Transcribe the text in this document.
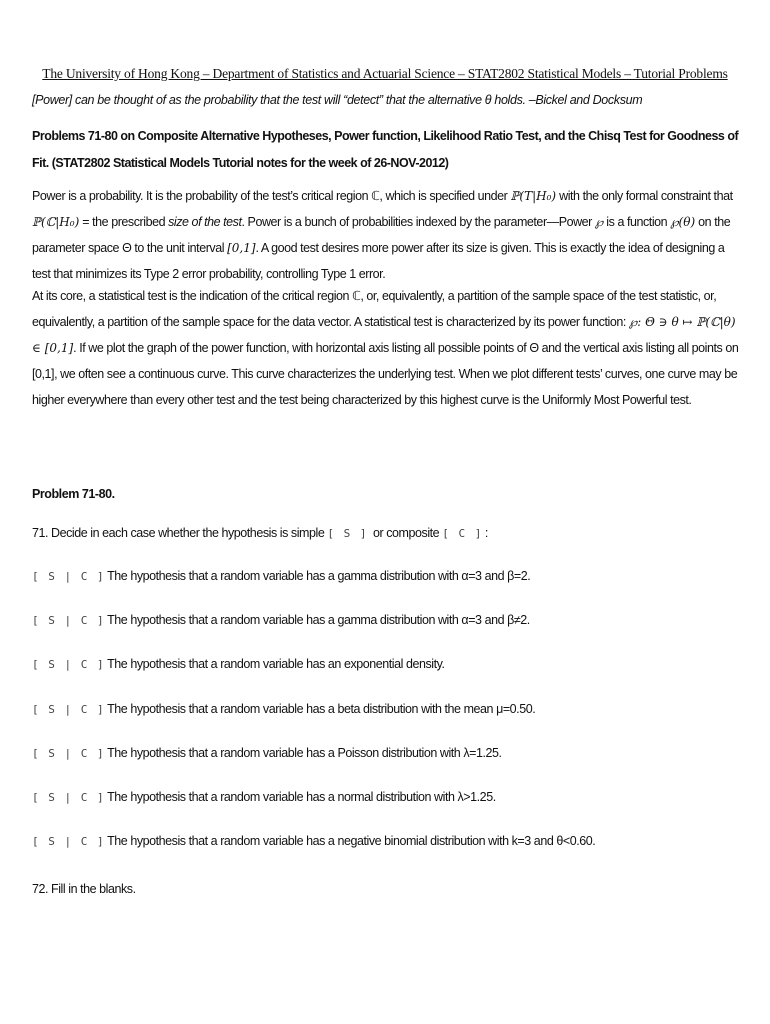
The University of Hong Kong – Department of Statistics and Actuarial Science – STAT2802 Statistical Models – Tutorial Problems
[Power] can be thought of as the probability that the test will “detect” that the alternative θ holds. –Bickel and Docksum
Problems 71-80 on Composite Alternative Hypotheses, Power function, Likelihood Ratio Test, and the Chisq Test for Goodness of Fit. (STAT2802 Statistical Models Tutorial notes for the week of 26-NOV-2012)
Power is a probability. It is the probability of the test’s critical region ℂ, which is specified under ℙ(T|H₀) with the only formal constraint that ℙ(ℂ|H₀) = the prescribed size of the test. Power is a bunch of probabilities indexed by the parameter—Power ℘ is a function ℘(θ) on the parameter space Θ to the unit interval [0,1]. A good test desires more power after its size is given. This is exactly the idea of designing a test that minimizes its Type 2 error probability, controlling Type 1 error.
At its core, a statistical test is the indication of the critical region ℂ, or, equivalently, a partition of the sample space of the test statistic, or, equivalently, a partition of the sample space for the data vector. A statistical test is characterized by its power function: ℘: Θ ∋ θ ↦ ℙ(ℂ|θ) ∈ [0,1]. If we plot the graph of the power function, with horizontal axis listing all possible points of Θ and the vertical axis listing all points on [0,1], we often see a continuous curve. This curve characterizes the underlying test. When we plot different tests’ curves, one curve may be higher everywhere than every other test and the test being characterized by this highest curve is the Uniformly Most Powerful test.
Problem 71-80.
71. Decide in each case whether the hypothesis is simple [ S ] or composite [ C ] :
[ S | C ] The hypothesis that a random variable has a gamma distribution with α=3 and β=2.
[ S | C ] The hypothesis that a random variable has a gamma distribution with α=3 and β≠2.
[ S | C ] The hypothesis that a random variable has an exponential density.
[ S | C ] The hypothesis that a random variable has a beta distribution with the mean μ=0.50.
[ S | C ] The hypothesis that a random variable has a Poisson distribution with λ=1.25.
[ S | C ] The hypothesis that a random variable has a normal distribution with λ>1.25.
[ S | C ] The hypothesis that a random variable has a negative binomial distribution with k=3 and θ<0.60.
72. Fill in the blanks.
